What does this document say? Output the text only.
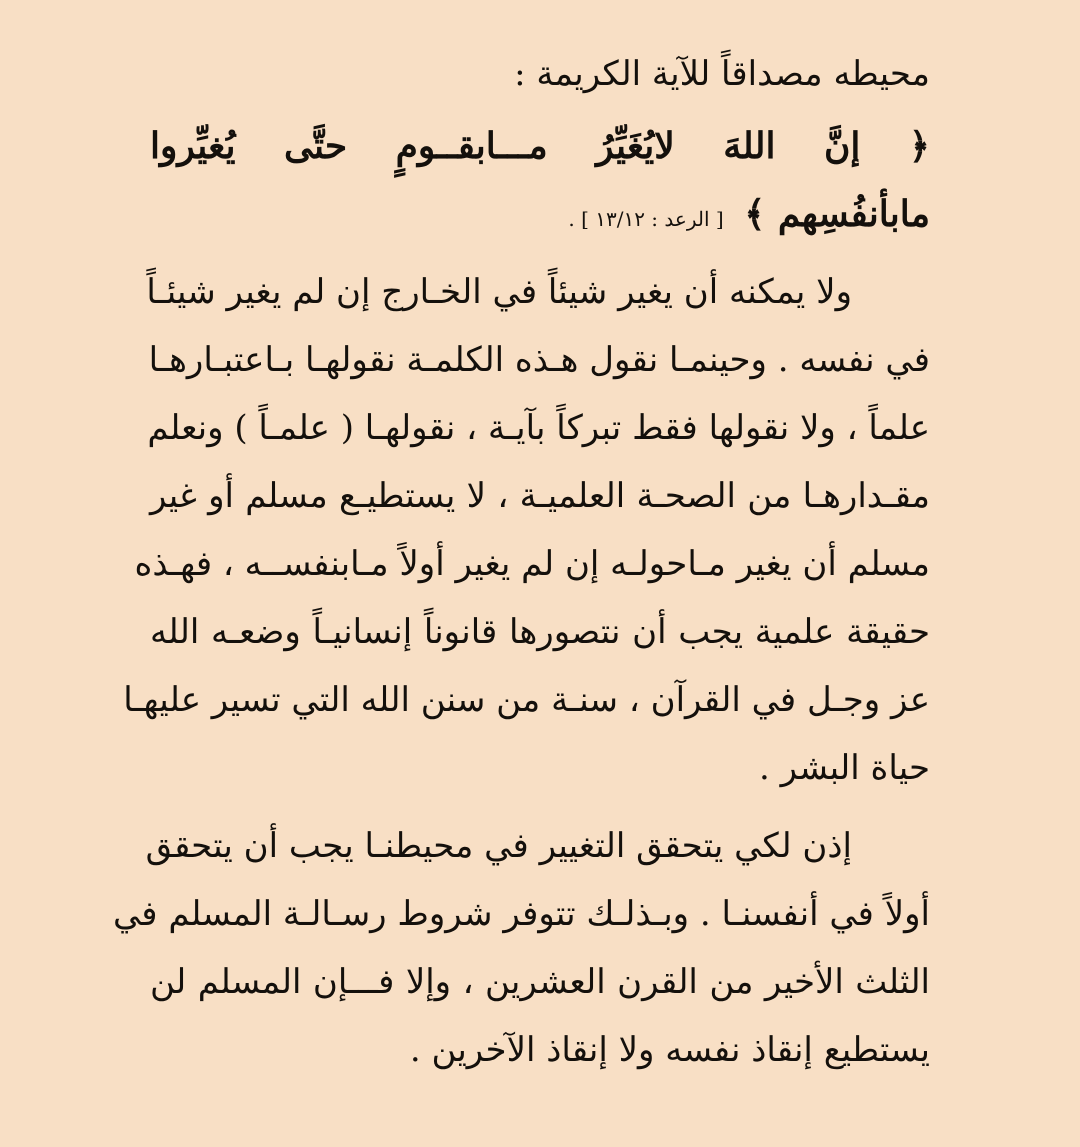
محيطه مصداقاً للآية الكريمة :
﴿ إنَّ اللهَ لايُغَيِّرُ مـــابقــومٍ حتَّى يُغيِّروا
مابأنفُسِهم ﴾ [ الرعد : ١٣/١٢ ] .
ولا يمكنه أن يغير شيئاً في الخـارج إن لم يغير شيئـاً
في نفسه . وحينمـا نقول هـذه الكلمـة نقولهـا بـاعتبـارهـا
علماً ، ولا نقولها فقط تبركاً بآيـة ، نقولهـا ( علمـاً ) ونعلم
مقـدارهـا من الصحـة العلميـة ، لا يستطيـع مسلم أو غير
مسلم أن يغير مـاحولـه إن لم يغير أولاً مـابنفســه ، فهـذه
حقيقة علمية يجب أن نتصورها قانوناً إنسانيـاً وضعـه الله
عز وجـل في القرآن ، سنـة من سنن الله التي تسير عليهـا
حياة البشر .
إذن لكي يتحقق التغيير في محيطنـا يجب أن يتحقق
أولاً في أنفسنـا . وبـذلـك تتوفر شروط رسـالـة المسلم في
الثلث الأخير من القرن العشرين ، وإلا فـــإن المسلم لن
يستطيع إنقاذ نفسه ولا إنقاذ الآخرين .
